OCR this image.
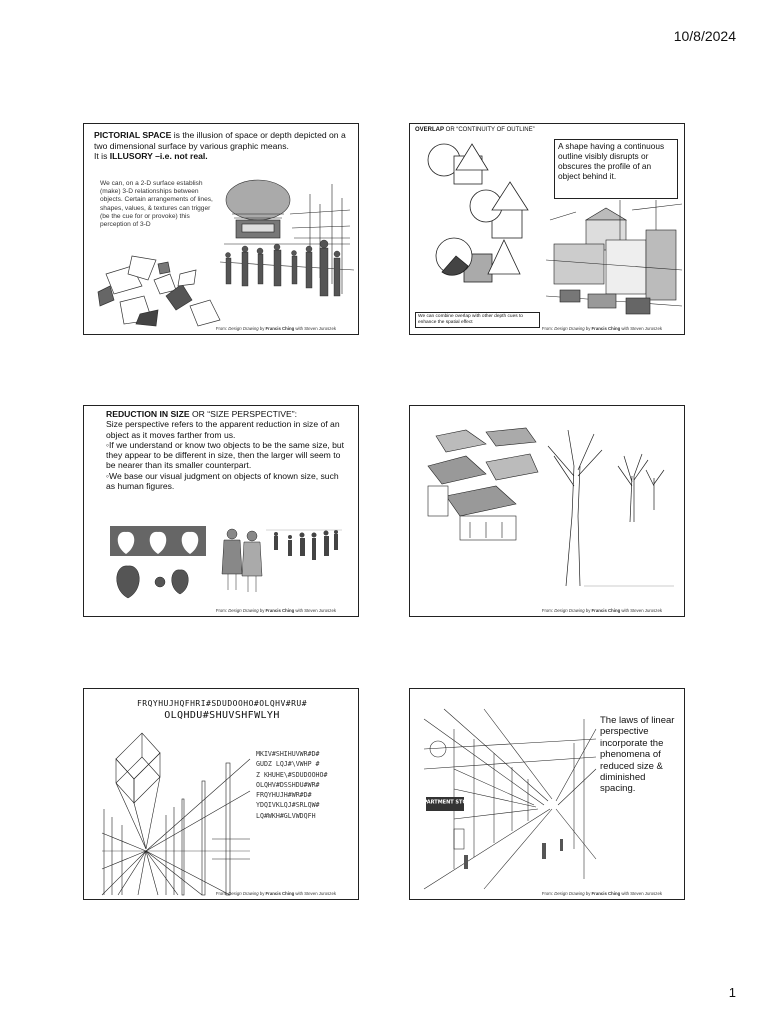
10/8/2024
PICTORIAL SPACE is the illusion of space or depth depicted on a two dimensional surface by various graphic means.
It is ILLUSORY –i.e. not real.
We can, on a 2-D surface establish (make) 3-D relationships between objects. Certain arrangements of lines, shapes, values, & textures can trigger (be the cue for or provoke) this perception of 3-D
From: Design Drawing by Francis Ching with Steven Juroszek
OVERLAP OR “CONTINUITY OF OUTLINE”
A shape having a continuous outline visibly disrupts or obscures the profile of an object behind it.
We can combine overlap with other depth cues to enhance the spatial effect
From: Design Drawing by Francis Ching with Steven Juroszek
REDUCTION IN SIZE OR “SIZE PERSPECTIVE”:
Size perspective refers to the apparent reduction in size of an object as it moves farther from us.
◦If we understand or know two objects to be the same size, but they appear to be different in size, then the larger will seem to be nearer than its smaller counterpart.
◦We base our visual judgment on objects of known size, such as human figures.
From: Design Drawing by Francis Ching with Steven Juroszek	From: Design Drawing by Francis Ching with Steven Juroszek
FRQYHUJHQFHRI#SDUDOOHO#OLQHV#RU#
OLQHDU#SHUVSHFWLYH
MKIV#SHIHUVWR#D#
GUDZ LQJ#\VWHP #
Z KHUHE\#SDUDOOHO#
OLQHV#DSSHDU#WR#
FRQYHUJH#WR#D#
YDQIVKLQJ#SRLQW#
LQ#WKH#GLVWDQFH
From: Design Drawing by Francis Ching with Steven Juroszek
DEPARTMENT STORE
The laws of linear perspective incorporate the phenomena of reduced size & diminished spacing.
From: Design Drawing by Francis Ching with Steven Juroszek
1
